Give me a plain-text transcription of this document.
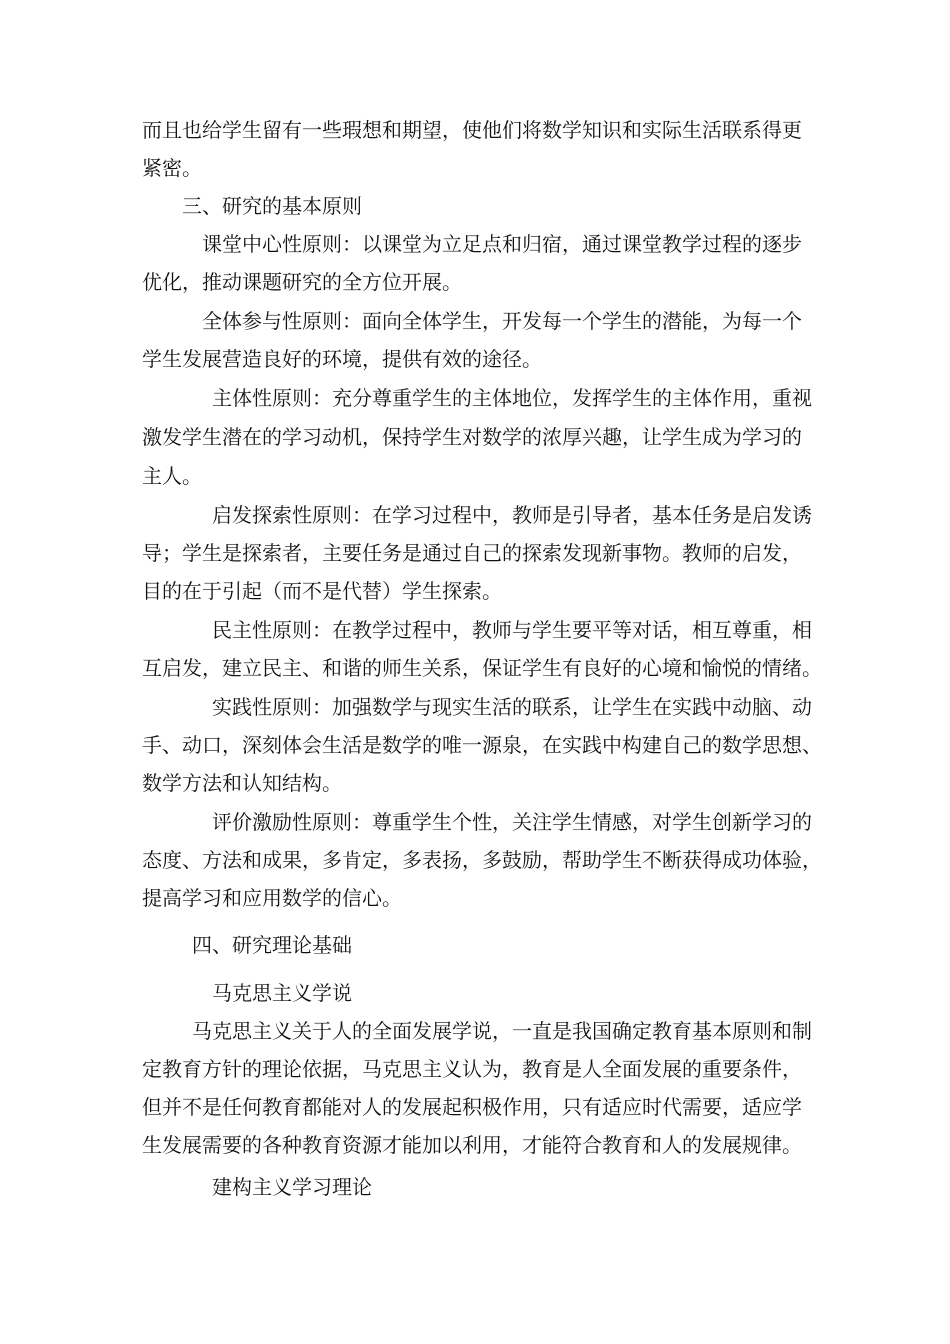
而且也给学生留有一些瑕想和期望，使他们将数学知识和实际生活联系得更
紧密。
三、研究的基本原则
课堂中心性原则：以课堂为立足点和归宿，通过课堂教学过程的逐步
优化，推动课题研究的全方位开展。
全体参与性原则：面向全体学生，开发每一个学生的潜能，为每一个
学生发展营造良好的环境，提供有效的途径。
主体性原则：充分尊重学生的主体地位，发挥学生的主体作用，重视
激发学生潜在的学习动机，保持学生对数学的浓厚兴趣，让学生成为学习的
主人。
启发探索性原则：在学习过程中，教师是引导者，基本任务是启发诱
导；学生是探索者，主要任务是通过自己的探索发现新事物。教师的启发，
目的在于引起（而不是代替）学生探索。
民主性原则：在教学过程中，教师与学生要平等对话，相互尊重，相
互启发，建立民主、和谐的师生关系，保证学生有良好的心境和愉悦的情绪。
实践性原则：加强数学与现实生活的联系，让学生在实践中动脑、动
手、动口，深刻体会生活是数学的唯一源泉，在实践中构建自己的数学思想、
数学方法和认知结构。
评价激励性原则：尊重学生个性，关注学生情感，对学生创新学习的
态度、方法和成果，多肯定，多表扬，多鼓励，帮助学生不断获得成功体验，
提高学习和应用数学的信心。
四、研究理论基础
马克思主义学说
马克思主义关于人的全面发展学说，一直是我国确定教育基本原则和制
定教育方针的理论依据，马克思主义认为，教育是人全面发展的重要条件，
但并不是任何教育都能对人的发展起积极作用，只有适应时代需要，适应学
生发展需要的各种教育资源才能加以利用，才能符合教育和人的发展规律。
建构主义学习理论
